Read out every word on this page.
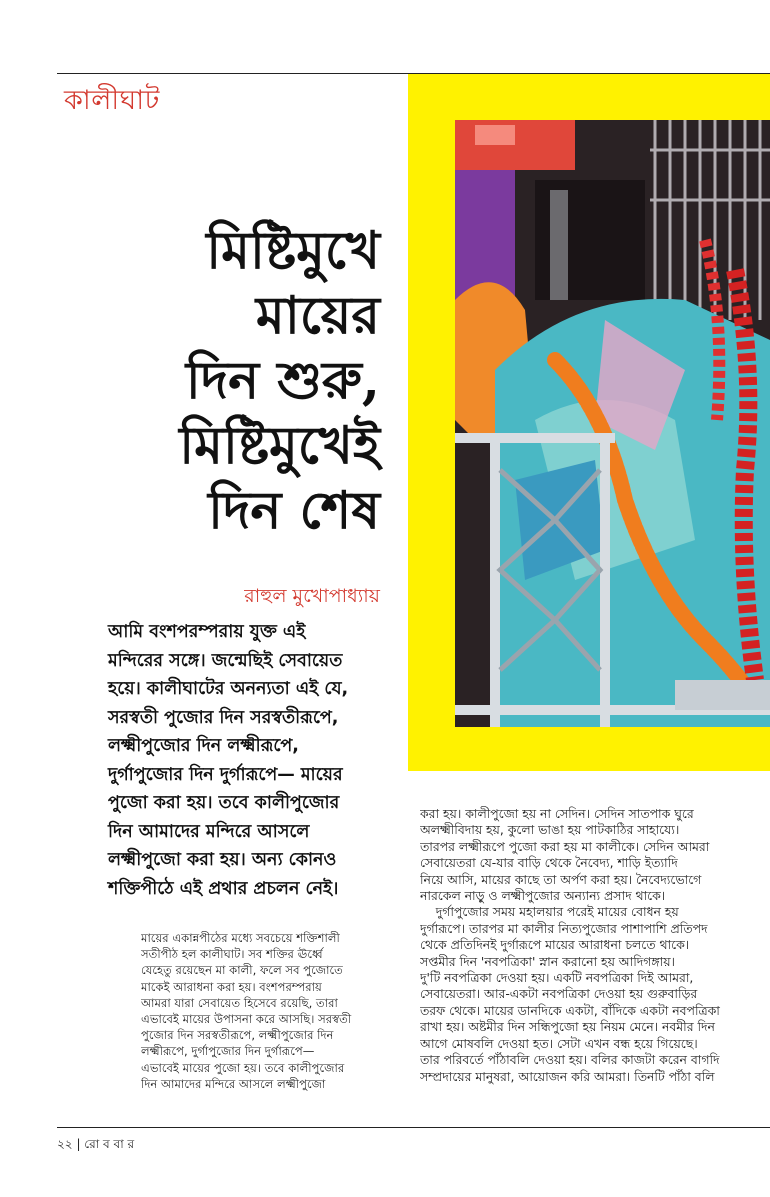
কালীঘাট
মিষ্টিমুখে
মায়ের
দিন শুরু,
মিষ্টিমুখেই
দিন শেষ
রাহুল মুখোপাধ্যায়

আমি বংশপরম্পরায় যুক্ত এই
মন্দিরের সঙ্গে। জন্মেছিই সেবায়েত
হয়ে। কালীঘাটের অনন্যতা এই যে,
সরস্বতী পুজোর দিন সরস্বতীরূপে,
লক্ষ্মীপুজোর দিন লক্ষ্মীরূপে,
দুর্গাপুজোর দিন দুর্গারূপে— মায়ের
পুজো করা হয়। তবে কালীপুজোর
দিন আমাদের মন্দিরে আসলে
লক্ষ্মীপুজো করা হয়। অন্য কোনও
শক্তিপীঠে এই প্রথার প্রচলন নেই।

মায়ের একান্নপীঠের মধ্যে সবচেয়ে শক্তিশালী
সতীপীঠ হল কালীঘাট। সব শক্তির ঊর্ধ্বে
যেহেতু রয়েছেন মা কালী, ফলে সব পুজোতে
মাকেই আরাধনা করা হয়। বংশপরম্পরায়
আমরা যারা সেবায়েত হিসেবে রয়েছি, তারা
এভাবেই মায়ের উপাসনা করে আসছি। সরস্বতী
পুজোর দিন সরস্বতীরূপে, লক্ষ্মীপুজোর দিন
লক্ষ্মীরূপে, দুর্গাপুজোর দিন দুর্গারূপে—
এভাবেই মায়ের পুজো হয়। তবে কালীপুজোর
দিন আমাদের মন্দিরে আসলে লক্ষ্মীপুজো
করা হয়। কালীপুজো হয় না সেদিন। সেদিন সাতপাক ঘুরে
অলক্ষ্মীবিদায় হয়, কুলো ভাঙা হয় পাটকাঠির সাহায্যে।
তারপর লক্ষ্মীরূপে পুজো করা হয় মা কালীকে। সেদিন আমরা
সেবায়েতরা যে-যার বাড়ি থেকে নৈবেদ্য, শাড়ি ইত্যাদি
নিয়ে আসি, মায়ের কাছে তা অর্পণ করা হয়। নৈবেদ্যভোগে
নারকেল নাড়ু ও লক্ষ্মীপুজোর অন্যান্য প্রসাদ থাকে।
দুর্গাপুজোর সময় মহালয়ার পরেই মায়ের বোধন হয়
দুর্গারূপে। তারপর মা কালীর নিত্যপুজোর পাশাপাশি প্রতিপদ
থেকে প্রতিদিনই দুর্গারূপে মায়ের আরাধনা চলতে থাকে।
সপ্তমীর দিন 'নবপত্রিকা' স্নান করানো হয় আদিগঙ্গায়।
দু'টি নবপত্রিকা দেওয়া হয়। একটি নবপত্রিকা দিই আমরা,
সেবায়েতরা। আর-একটা নবপত্রিকা দেওয়া হয় গুরুবাড়ির
তরফ থেকে। মায়ের ডানদিকে একটা, বাঁদিকে একটা নবপত্রিকা
রাখা হয়। অষ্টমীর দিন সন্ধিপুজো হয় নিয়ম মেনে। নবমীর দিন
আগে মোষবলি দেওয়া হত। সেটা এখন বন্ধ হয়ে গিয়েছে।
তার পরিবর্তে পাঁঠাবলি দেওয়া হয়। বলির কাজটা করেন বাগদি
সম্প্রদায়ের মানুষরা, আয়োজন করি আমরা। তিনটি পাঁঠা বলি
২২ | রো ব বা র
